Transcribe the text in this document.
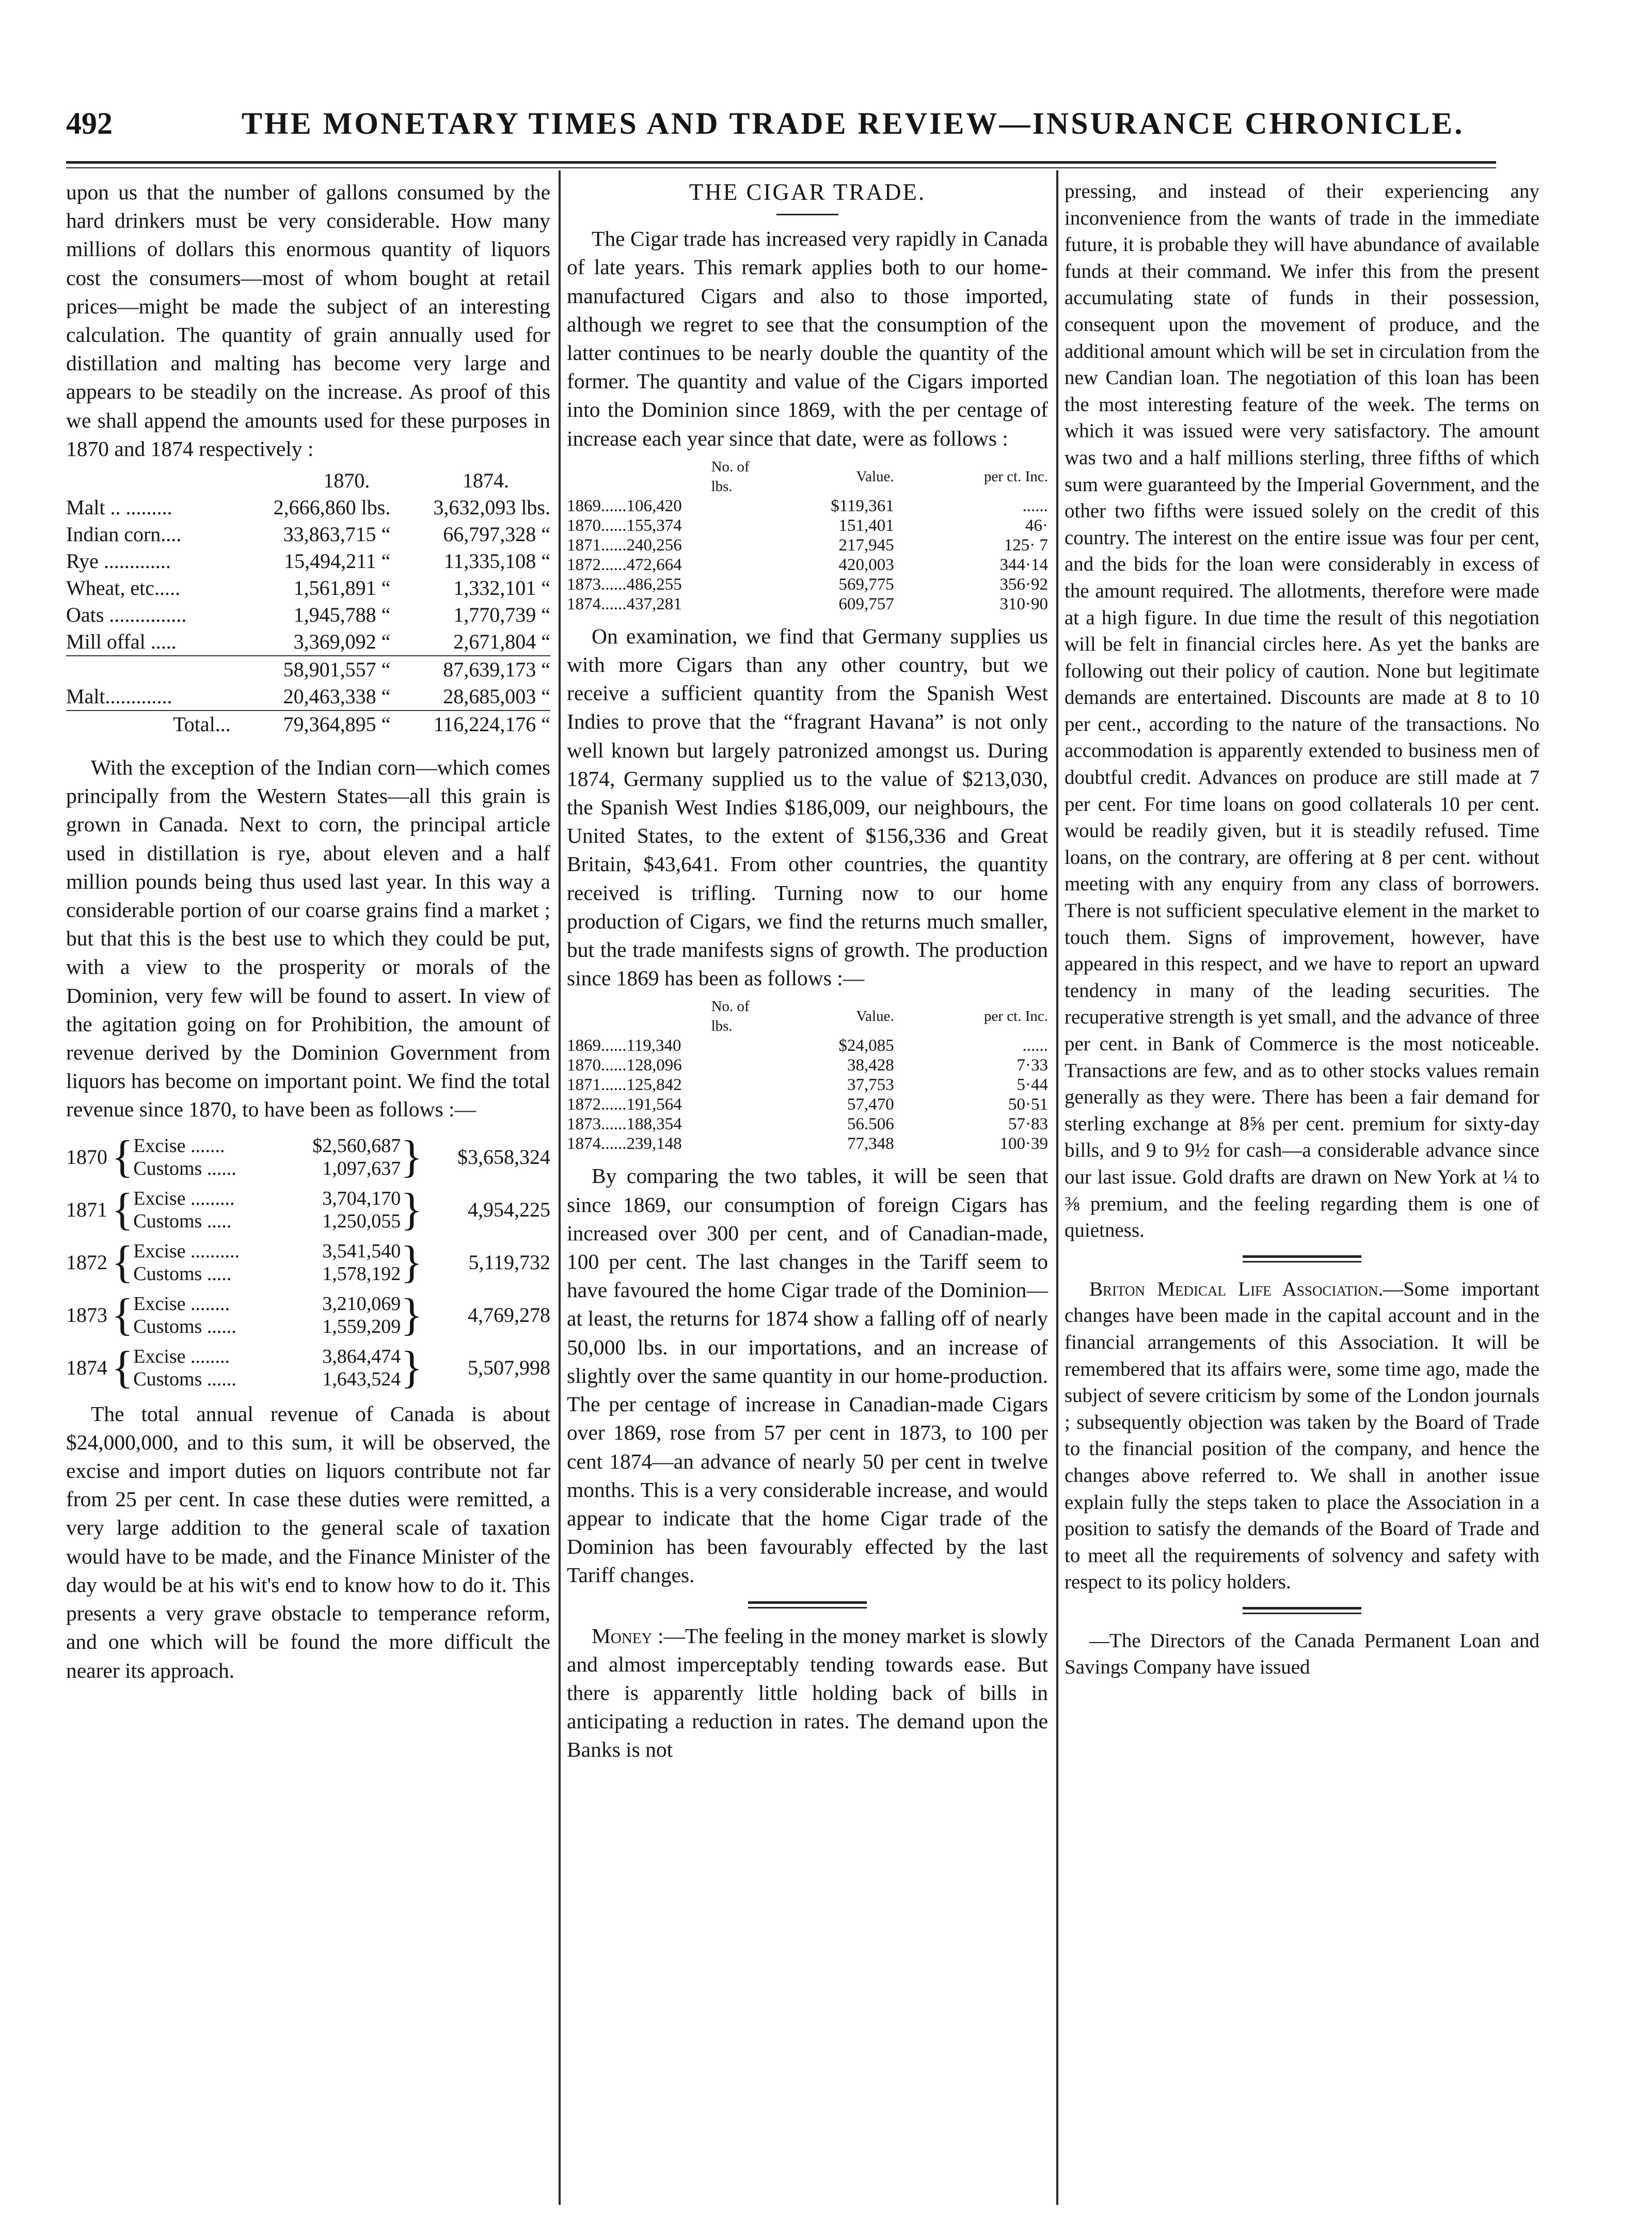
492	THE MONETARY TIMES AND TRADE REVIEW—INSURANCE CHRONICLE.

upon us that the number of gallons consumed by the hard drinkers must be very considerable. How many millions of dollars this enormous quantity of liquors cost the consumers—most of whom bought at retail prices—might be made the subject of an interesting calculation. The quantity of grain annually used for distillation and malting has become very large and appears to be steadily on the increase. As proof of this we shall append the amounts used for these purposes in 1870 and 1874 respectively :

	1870.	1874.
Malt .. .........	2,666,860 lbs.	3,632,093 lbs.
Indian corn....	33,863,715 “	66,797,328 “
Rye .............	15,494,211 “	11,335,108 “
Wheat, etc.....	1,561,891 “	1,332,101 “
Oats ...............	1,945,788 “	1,770,739 “
Mill offal .....	3,369,092 “	2,671,804 “
	58,901,557 “	87,639,173 “
Malt.............	20,463,338 “	28,685,003 “
Total...	79,364,895 “	116,224,176 “

With the exception of the Indian corn—which comes principally from the Western States—all this grain is grown in Canada. Next to corn, the principal article used in distillation is rye, about eleven and a half million pounds being thus used last year. In this way a considerable portion of our coarse grains find a market ; but that this is the best use to which they could be put, with a view to the prosperity or morals of the Dominion, very few will be found to assert. In view of the agitation going on for Prohibition, the amount of revenue derived by the Dominion Government from liquors has become on important point. We find the total revenue since 1870, to have been as follows :—

1870	{	Excise .......	$2,560,687	}	$3,658,324
		Customs ......	1,097,637		

1871	{	Excise .........	3,704,170	}	4,954,225
		Customs .....	1,250,055		

1872	{	Excise ..........	3,541,540	}	5,119,732
		Customs .....	1,578,192		

1873	{	Excise ........	3,210,069	}	4,769,278
		Customs ......	1,559,209		

1874	{	Excise ........	3,864,474	}	5,507,998
		Customs ......	1,643,524		

The total annual revenue of Canada is about $24,000,000, and to this sum, it will be observed, the excise and import duties on liquors contribute not far from 25 per cent. In case these duties were remitted, a very large addition to the general scale of taxation would have to be made, and the Finance Minister of the day would be at his wit's end to know how to do it. This presents a very grave obstacle to temperance reform, and one which will be found the more difficult the nearer its approach.

THE CIGAR TRADE.

The Cigar trade has increased very rapidly in Canada of late years. This remark applies both to our home-manufactured Cigars and also to those imported, although we regret to see that the consumption of the latter continues to be nearly double the quantity of the former. The quantity and value of the Cigars imported into the Dominion since 1869, with the per centage of increase each year since that date, were as follows :

	No. of lbs.	Value.	per ct. Inc.
1869......106,420		$119,361	......
1870......155,374		151,401	46·
1871......240,256		217,945	125· 7
1872......472,664		420,003	344·14
1873......486,255		569,775	356·92
1874......437,281		609,757	310·90

On examination, we find that Germany supplies us with more Cigars than any other country, but we receive a sufficient quantity from the Spanish West Indies to prove that the “fragrant Havana” is not only well known but largely patronized amongst us. During 1874, Germany supplied us to the value of $213,030, the Spanish West Indies $186,009, our neighbours, the United States, to the extent of $156,336 and Great Britain, $43,641. From other countries, the quantity received is trifling. Turning now to our home production of Cigars, we find the returns much smaller, but the trade manifests signs of growth. The production since 1869 has been as follows :—

	No. of lbs.	Value.	per ct. Inc.
1869......119,340		$24,085	......
1870......128,096		38,428	7·33
1871......125,842		37,753	5·44
1872......191,564		57,470	50·51
1873......188,354		56.506	57·83
1874......239,148		77,348	100·39

By comparing the two tables, it will be seen that since 1869, our consumption of foreign Cigars has increased over 300 per cent, and of Canadian-made, 100 per cent. The last changes in the Tariff seem to have favoured the home Cigar trade of the Dominion—at least, the returns for 1874 show a falling off of nearly 50,000 lbs. in our importations, and an increase of slightly over the same quantity in our home-production. The per centage of increase in Canadian-made Cigars over 1869, rose from 57 per cent in 1873, to 100 per cent 1874—an advance of nearly 50 per cent in twelve months. This is a very considerable increase, and would appear to indicate that the home Cigar trade of the Dominion has been favourably effected by the last Tariff changes.

Money :—The feeling in the money market is slowly and almost imperceptably tending towards ease. But there is apparently little holding back of bills in anticipating a reduction in rates. The demand upon the Banks is not

pressing, and instead of their experiencing any inconvenience from the wants of trade in the immediate future, it is probable they will have abundance of available funds at their command. We infer this from the present accumulating state of funds in their possession, consequent upon the movement of produce, and the additional amount which will be set in circulation from the new Candian loan. The negotiation of this loan has been the most interesting feature of the week. The terms on which it was issued were very satisfactory. The amount was two and a half millions sterling, three fifths of which sum were guaranteed by the Imperial Government, and the other two fifths were issued solely on the credit of this country. The interest on the entire issue was four per cent, and the bids for the loan were considerably in excess of the amount required. The allotments, therefore were made at a high figure. In due time the result of this negotiation will be felt in financial circles here. As yet the banks are following out their policy of caution. None but legitimate demands are entertained. Discounts are made at 8 to 10 per cent., according to the nature of the transactions. No accommodation is apparently extended to business men of doubtful credit. Advances on produce are still made at 7 per cent. For time loans on good collaterals 10 per cent. would be readily given, but it is steadily refused. Time loans, on the contrary, are offering at 8 per cent. without meeting with any enquiry from any class of borrowers. There is not sufficient speculative element in the market to touch them. Signs of improvement, however, have appeared in this respect, and we have to report an upward tendency in many of the leading securities. The recuperative strength is yet small, and the advance of three per cent. in Bank of Commerce is the most noticeable. Transactions are few, and as to other stocks values remain generally as they were. There has been a fair demand for sterling exchange at 8⅝ per cent. premium for sixty-day bills, and 9 to 9½ for cash—a considerable advance since our last issue. Gold drafts are drawn on New York at ¼ to ⅜ premium, and the feeling regarding them is one of quietness.

Briton Medical Life Association.—Some important changes have been made in the capital account and in the financial arrangements of this Association. It will be remembered that its affairs were, some time ago, made the subject of severe criticism by some of the London journals ; subsequently objection was taken by the Board of Trade to the financial position of the company, and hence the changes above referred to. We shall in another issue explain fully the steps taken to place the Association in a position to satisfy the demands of the Board of Trade and to meet all the requirements of solvency and safety with respect to its policy holders.

—The Directors of the Canada Permanent Loan and Savings Company have issued
